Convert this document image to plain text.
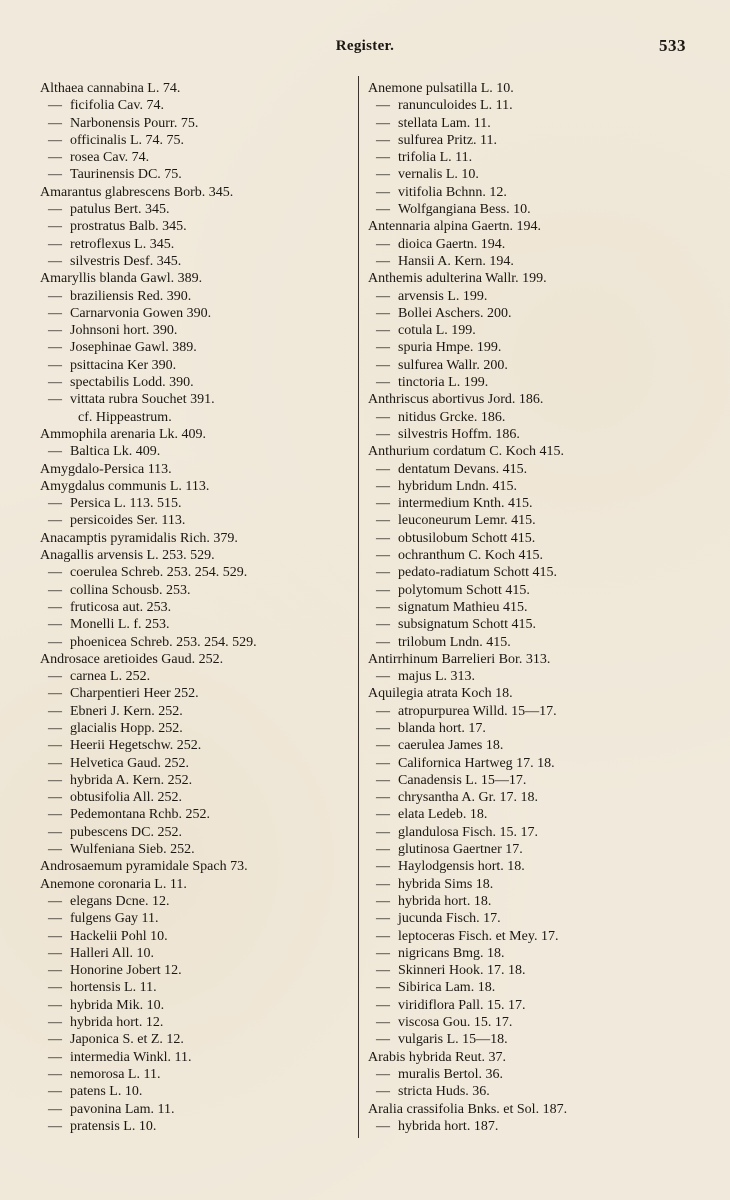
Register.	533
Althaea cannabina L. 74.
— ficifolia Cav. 74.
— Narbonensis Pourr. 75.
— officinalis L. 74. 75.
— rosea Cav. 74.
— Taurinensis DC. 75.
Amarantus glabrescens Borb. 345.
— patulus Bert. 345.
— prostratus Balb. 345.
— retroflexus L. 345.
— silvestris Desf. 345.
Amaryllis blanda Gawl. 389.
— braziliensis Red. 390.
— Carnarvonia Gowen 390.
— Johnsoni hort. 390.
— Josephinae Gawl. 389.
— psittacina Ker 390.
— spectabilis Lodd. 390.
— vittata rubra Souchet 391.
cf. Hippeastrum.
Ammophila arenaria Lk. 409.
— Baltica Lk. 409.
Amygdalo-Persica 113.
Amygdalus communis L. 113.
— Persica L. 113. 515.
— persicoides Ser. 113.
Anacamptis pyramidalis Rich. 379.
Anagallis arvensis L. 253. 529.
— coerulea Schreb. 253. 254. 529.
— collina Schousb. 253.
— fruticosa aut. 253.
— Monelli L. f. 253.
— phoenicea Schreb. 253. 254. 529.
Androsace aretioides Gaud. 252.
— carnea L. 252.
— Charpentieri Heer 252.
— Ebneri J. Kern. 252.
— glacialis Hopp. 252.
— Heerii Hegetschw. 252.
— Helvetica Gaud. 252.
— hybrida A. Kern. 252.
— obtusifolia All. 252.
— Pedemontana Rchb. 252.
— pubescens DC. 252.
— Wulfeniana Sieb. 252.
Androsaemum pyramidale Spach 73.
Anemone coronaria L. 11.
— elegans Dcne. 12.
— fulgens Gay 11.
— Hackelii Pohl 10.
— Halleri All. 10.
— Honorine Jobert 12.
— hortensis L. 11.
— hybrida Mik. 10.
— hybrida hort. 12.
— Japonica S. et Z. 12.
— intermedia Winkl. 11.
— nemorosa L. 11.
— patens L. 10.
— pavonina Lam. 11.
— pratensis L. 10.
Anemone pulsatilla L. 10.
— ranunculoides L. 11.
— stellata Lam. 11.
— sulfurea Pritz. 11.
— trifolia L. 11.
— vernalis L. 10.
— vitifolia Bchnn. 12.
— Wolfgangiana Bess. 10.
Antennaria alpina Gaertn. 194.
— dioica Gaertn. 194.
— Hansii A. Kern. 194.
Anthemis adulterina Wallr. 199.
— arvensis L. 199.
— Bollei Aschers. 200.
— cotula L. 199.
— spuria Hmpe. 199.
— sulfurea Wallr. 200.
— tinctoria L. 199.
Anthriscus abortivus Jord. 186.
— nitidus Grcke. 186.
— silvestris Hoffm. 186.
Anthurium cordatum C. Koch 415.
— dentatum Devans. 415.
— hybridum Lndn. 415.
— intermedium Knth. 415.
— leuconeurum Lemr. 415.
— obtusilobum Schott 415.
— ochranthum C. Koch 415.
— pedato-radiatum Schott 415.
— polytomum Schott 415.
— signatum Mathieu 415.
— subsignatum Schott 415.
— trilobum Lndn. 415.
Antirrhinum Barrelieri Bor. 313.
— majus L. 313.
Aquilegia atrata Koch 18.
— atropurpurea Willd. 15—17.
— blanda hort. 17.
— caerulea James 18.
— Californica Hartweg 17. 18.
— Canadensis L. 15—17.
— chrysantha A. Gr. 17. 18.
— elata Ledeb. 18.
— glandulosa Fisch. 15. 17.
— glutinosa Gaertner 17.
— Haylodgensis hort. 18.
— hybrida Sims 18.
— hybrida hort. 18.
— jucunda Fisch. 17.
— leptoceras Fisch. et Mey. 17.
— nigricans Bmg. 18.
— Skinneri Hook. 17. 18.
— Sibirica Lam. 18.
— viridiflora Pall. 15. 17.
— viscosa Gou. 15. 17.
— vulgaris L. 15—18.
Arabis hybrida Reut. 37.
— muralis Bertol. 36.
— stricta Huds. 36.
Aralia crassifolia Bnks. et Sol. 187.
— hybrida hort. 187.
